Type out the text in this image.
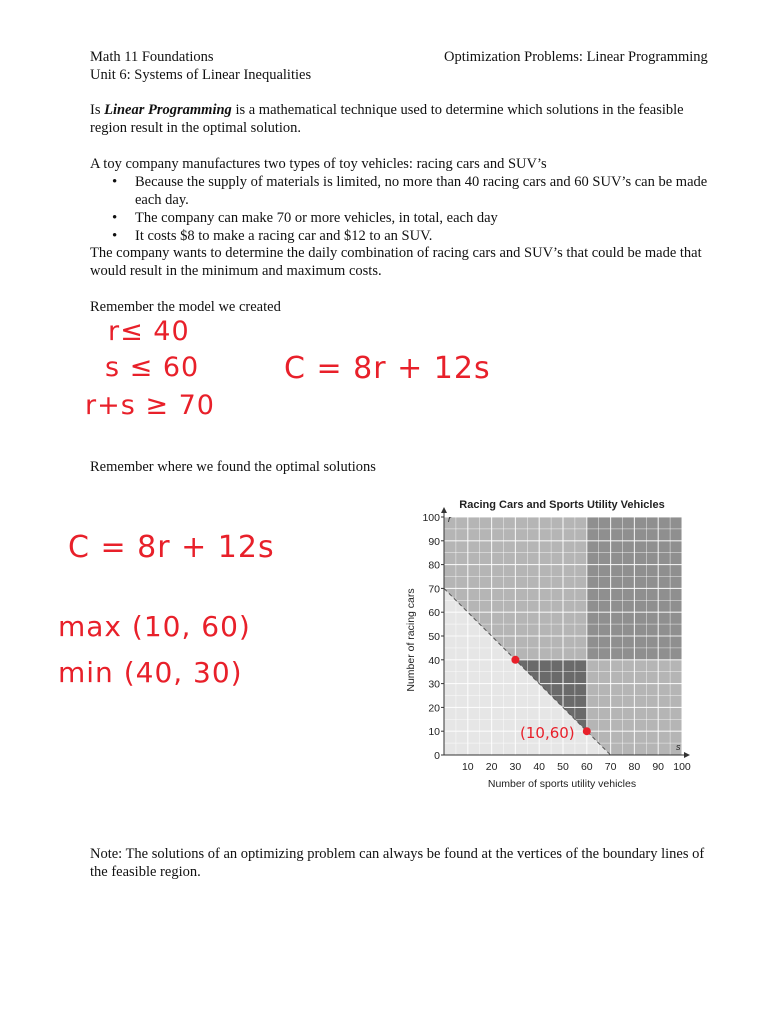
Math 11 Foundations
Unit 6: Systems of Linear Inequalities
Optimization Problems: Linear Programming
Is Linear Programming is a mathematical technique used to determine which solutions in the feasible region result in the optimal solution.
A toy company manufactures two types of toy vehicles: racing cars and SUV’s
• Because the supply of materials is limited, no more than 40 racing cars and 60 SUV’s can be made each day.
• The company can make 70 or more vehicles, in total, each day
• It costs $8 to make a racing car and $12 to an SUV.
The company wants to determine the daily combination of racing cars and SUV’s that could be made that would result in the minimum and maximum costs.
Remember the model we created
r≤ 40
s ≤ 60
r+s ≥ 70
C = 8r + 12s
Remember where we found the optimal solutions
C = 8r + 12s
max (10, 60)
min (40, 30)
Racing Cars and Sports Utility Vehicles
0
10
20
30
40
50
60
70
80
90
100
10 20 30 40 50 60 70 80 90 100
Number of racing cars
Number of sports utility vehicles
r
s
(10,60)
Note: The solutions of an optimizing problem can always be found at the vertices of the boundary lines of the feasible region.
